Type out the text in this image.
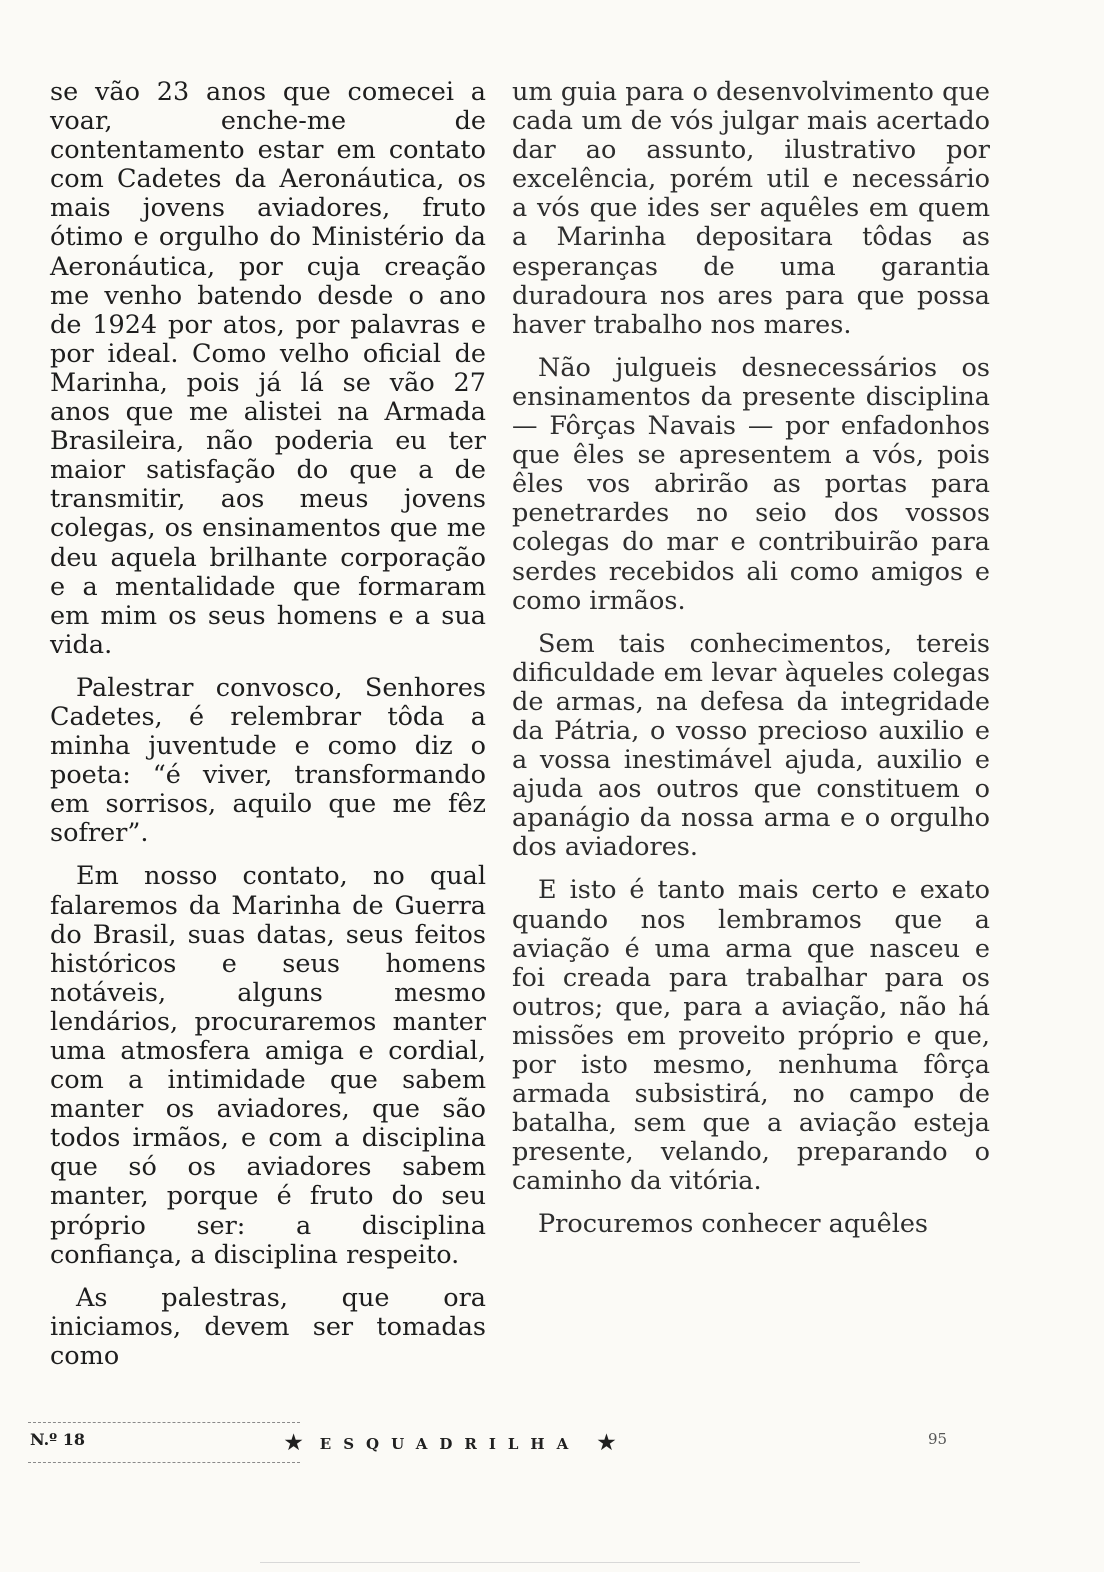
se vão 23 anos que comecei a voar, enche-me de contentamento estar em contato com Cadetes da Aeronáutica, os mais jovens aviadores, fruto ótimo e orgulho do Ministério da Aeronáutica, por cuja creação me venho batendo desde o ano de 1924 por atos, por palavras e por ideal. Como velho oficial de Marinha, pois já lá se vão 27 anos que me alistei na Armada Brasileira, não poderia eu ter maior satisfação do que a de transmitir, aos meus jovens colegas, os ensinamentos que me deu aquela brilhante corporação e a mentalidade que formaram em mim os seus homens e a sua vida.

Palestrar convosco, Senhores Cadetes, é relembrar tôda a minha juventude e como diz o poeta: “é viver, transformando em sorrisos, aquilo que me fêz sofrer”.

Em nosso contato, no qual falaremos da Marinha de Guerra do Brasil, suas datas, seus feitos históricos e seus homens notáveis, alguns mesmo lendários, procuraremos manter uma atmosfera amiga e cordial, com a intimidade que sabem manter os aviadores, que são todos irmãos, e com a disciplina que só os aviadores sabem manter, porque é fruto do seu próprio ser: a disciplina confiança, a disciplina respeito.

As palestras, que ora iniciamos, devem ser tomadas como

um guia para o desenvolvimento que cada um de vós julgar mais acertado dar ao assunto, ilustrativo por excelência, porém util e necessário a vós que ides ser aquêles em quem a Marinha depositara tôdas as esperanças de uma garantia duradoura nos ares para que possa haver trabalho nos mares.

Não julgueis desnecessários os ensinamentos da presente disciplina — Fôrças Navais — por enfadonhos que êles se apresentem a vós, pois êles vos abrirão as portas para penetrardes no seio dos vossos colegas do mar e contribuirão para serdes recebidos ali como amigos e como irmãos.

Sem tais conhecimentos, tereis dificuldade em levar àqueles colegas de armas, na defesa da integridade da Pátria, o vosso precioso auxilio e a vossa inestimável ajuda, auxilio e ajuda aos outros que constituem o apanágio da nossa arma e o orgulho dos aviadores.

E isto é tanto mais certo e exato quando nos lembramos que a aviação é uma arma que nasceu e foi creada para trabalhar para os outros; que, para a aviação, não há missões em proveito próprio e que, por isto mesmo, nenhuma fôrça armada subsistirá, no campo de batalha, sem que a aviação esteja presente, velando, preparando o caminho da vitória.

Procuremos conhecer aquêles

N.º 18	★ ESQUADRILHA ★	95
